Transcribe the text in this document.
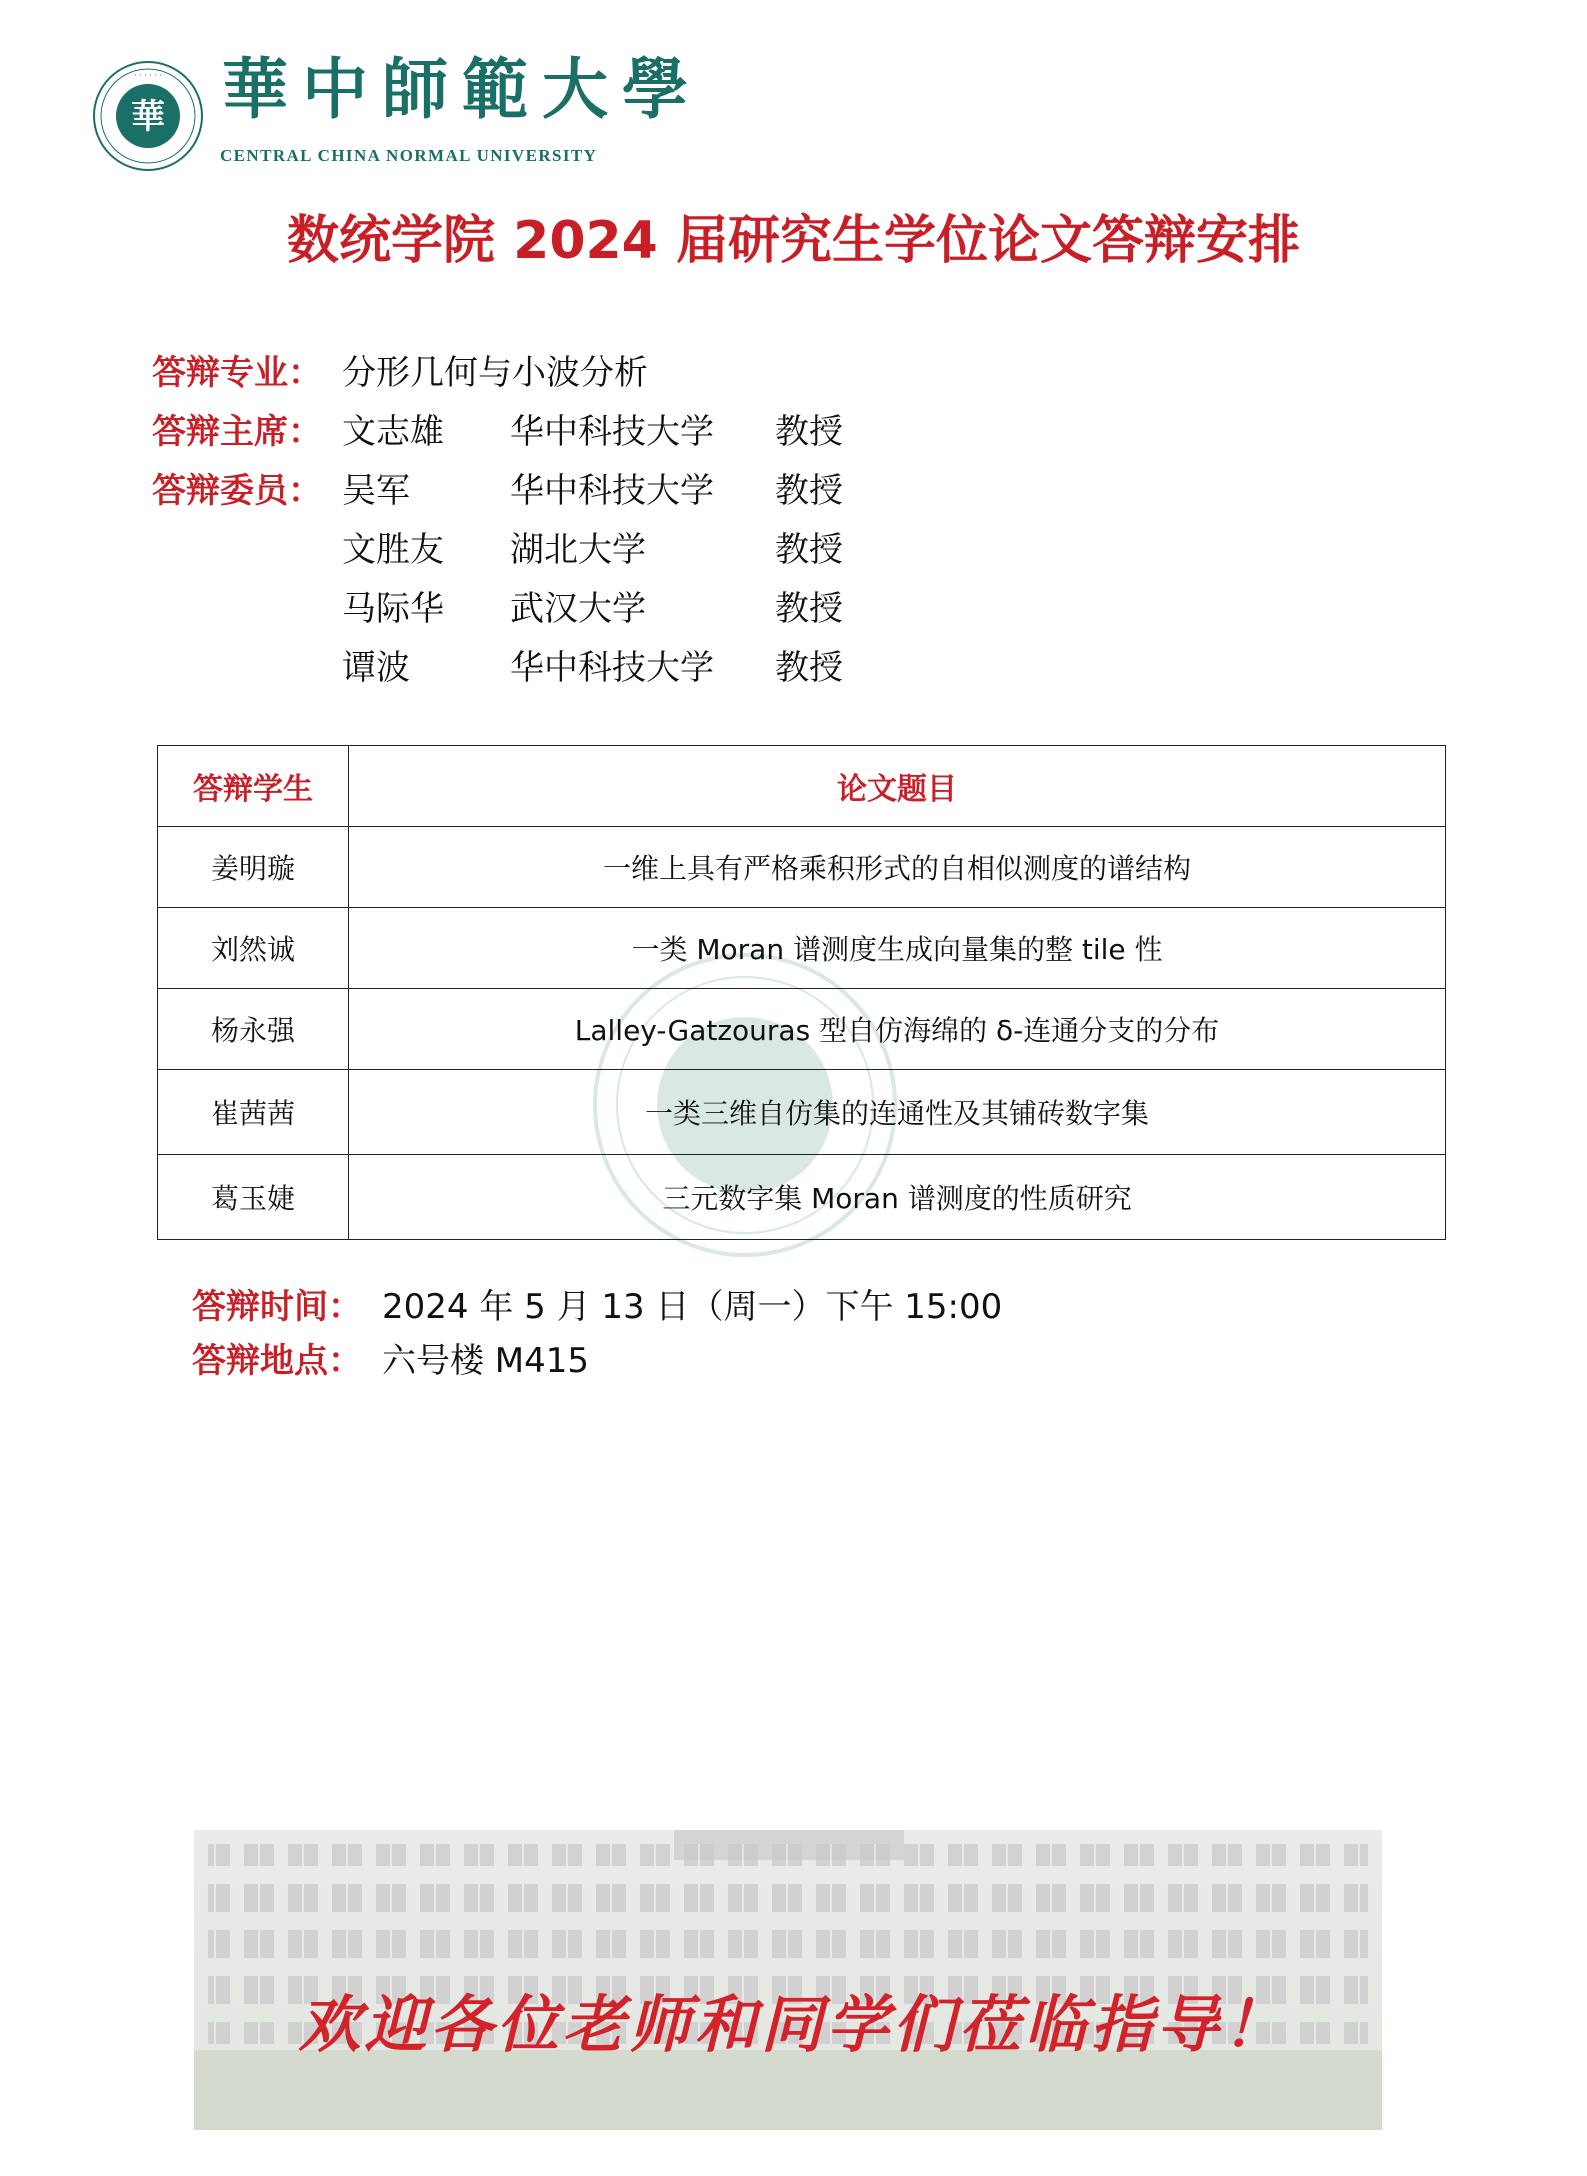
華
· · · · · · 華中師範大學
CENTRAL CHINA NORMAL UNIVERSITY
数统学院 2024 届研究生学位论文答辩安排
答辩专业： 分形几何与小波分析
答辩主席： 文志雄	华中科技大学	教授
答辩委员： 吴军	华中科技大学	教授
文胜友	湖北大学	教授
马际华	武汉大学	教授
谭波	华中科技大学	教授
答辩学生	论文题目
姜明璇	一维上具有严格乘积形式的自相似测度的谱结构
刘然诚	一类 Moran 谱测度生成向量集的整 tile 性
杨永强	Lalley-Gatzouras 型自仿海绵的 δ-连通分支的分布
崔茜茜	一类三维自仿集的连通性及其铺砖数字集
葛玉婕	三元数字集 Moran 谱测度的性质研究
答辩时间： 2024 年 5 月 13 日（周一）下午 15:00
答辩地点： 六号楼 M415
欢迎各位老师和同学们莅临指导！
